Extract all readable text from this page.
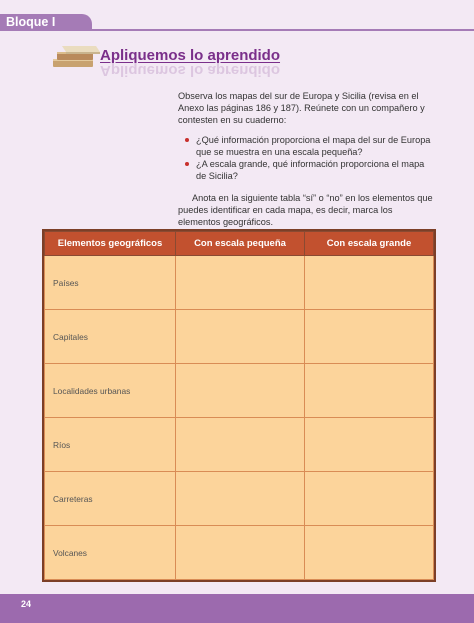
Bloque I
Apliquemos lo aprendido
Apliquemos lo aprendido

Observa los mapas del sur de Europa y Sicilia (revisa en el Anexo las páginas 186 y 187). Reúnete con un compañero y contesten en su cuaderno:

¿Qué información proporciona el mapa del sur de Europa que se muestra en una escala pequeña?
¿A escala grande, qué información proporciona el mapa de Sicilia?

Anota en la siguiente tabla “sí” o “no” en los elementos que puedes identificar en cada mapa, es decir, marca los elementos geográficos.

Elementos geográficos	Con escala pequeña	Con escala grande
Países		
Capitales		
Localidades urbanas		
Ríos		
Carreteras		
Volcanes		
24
